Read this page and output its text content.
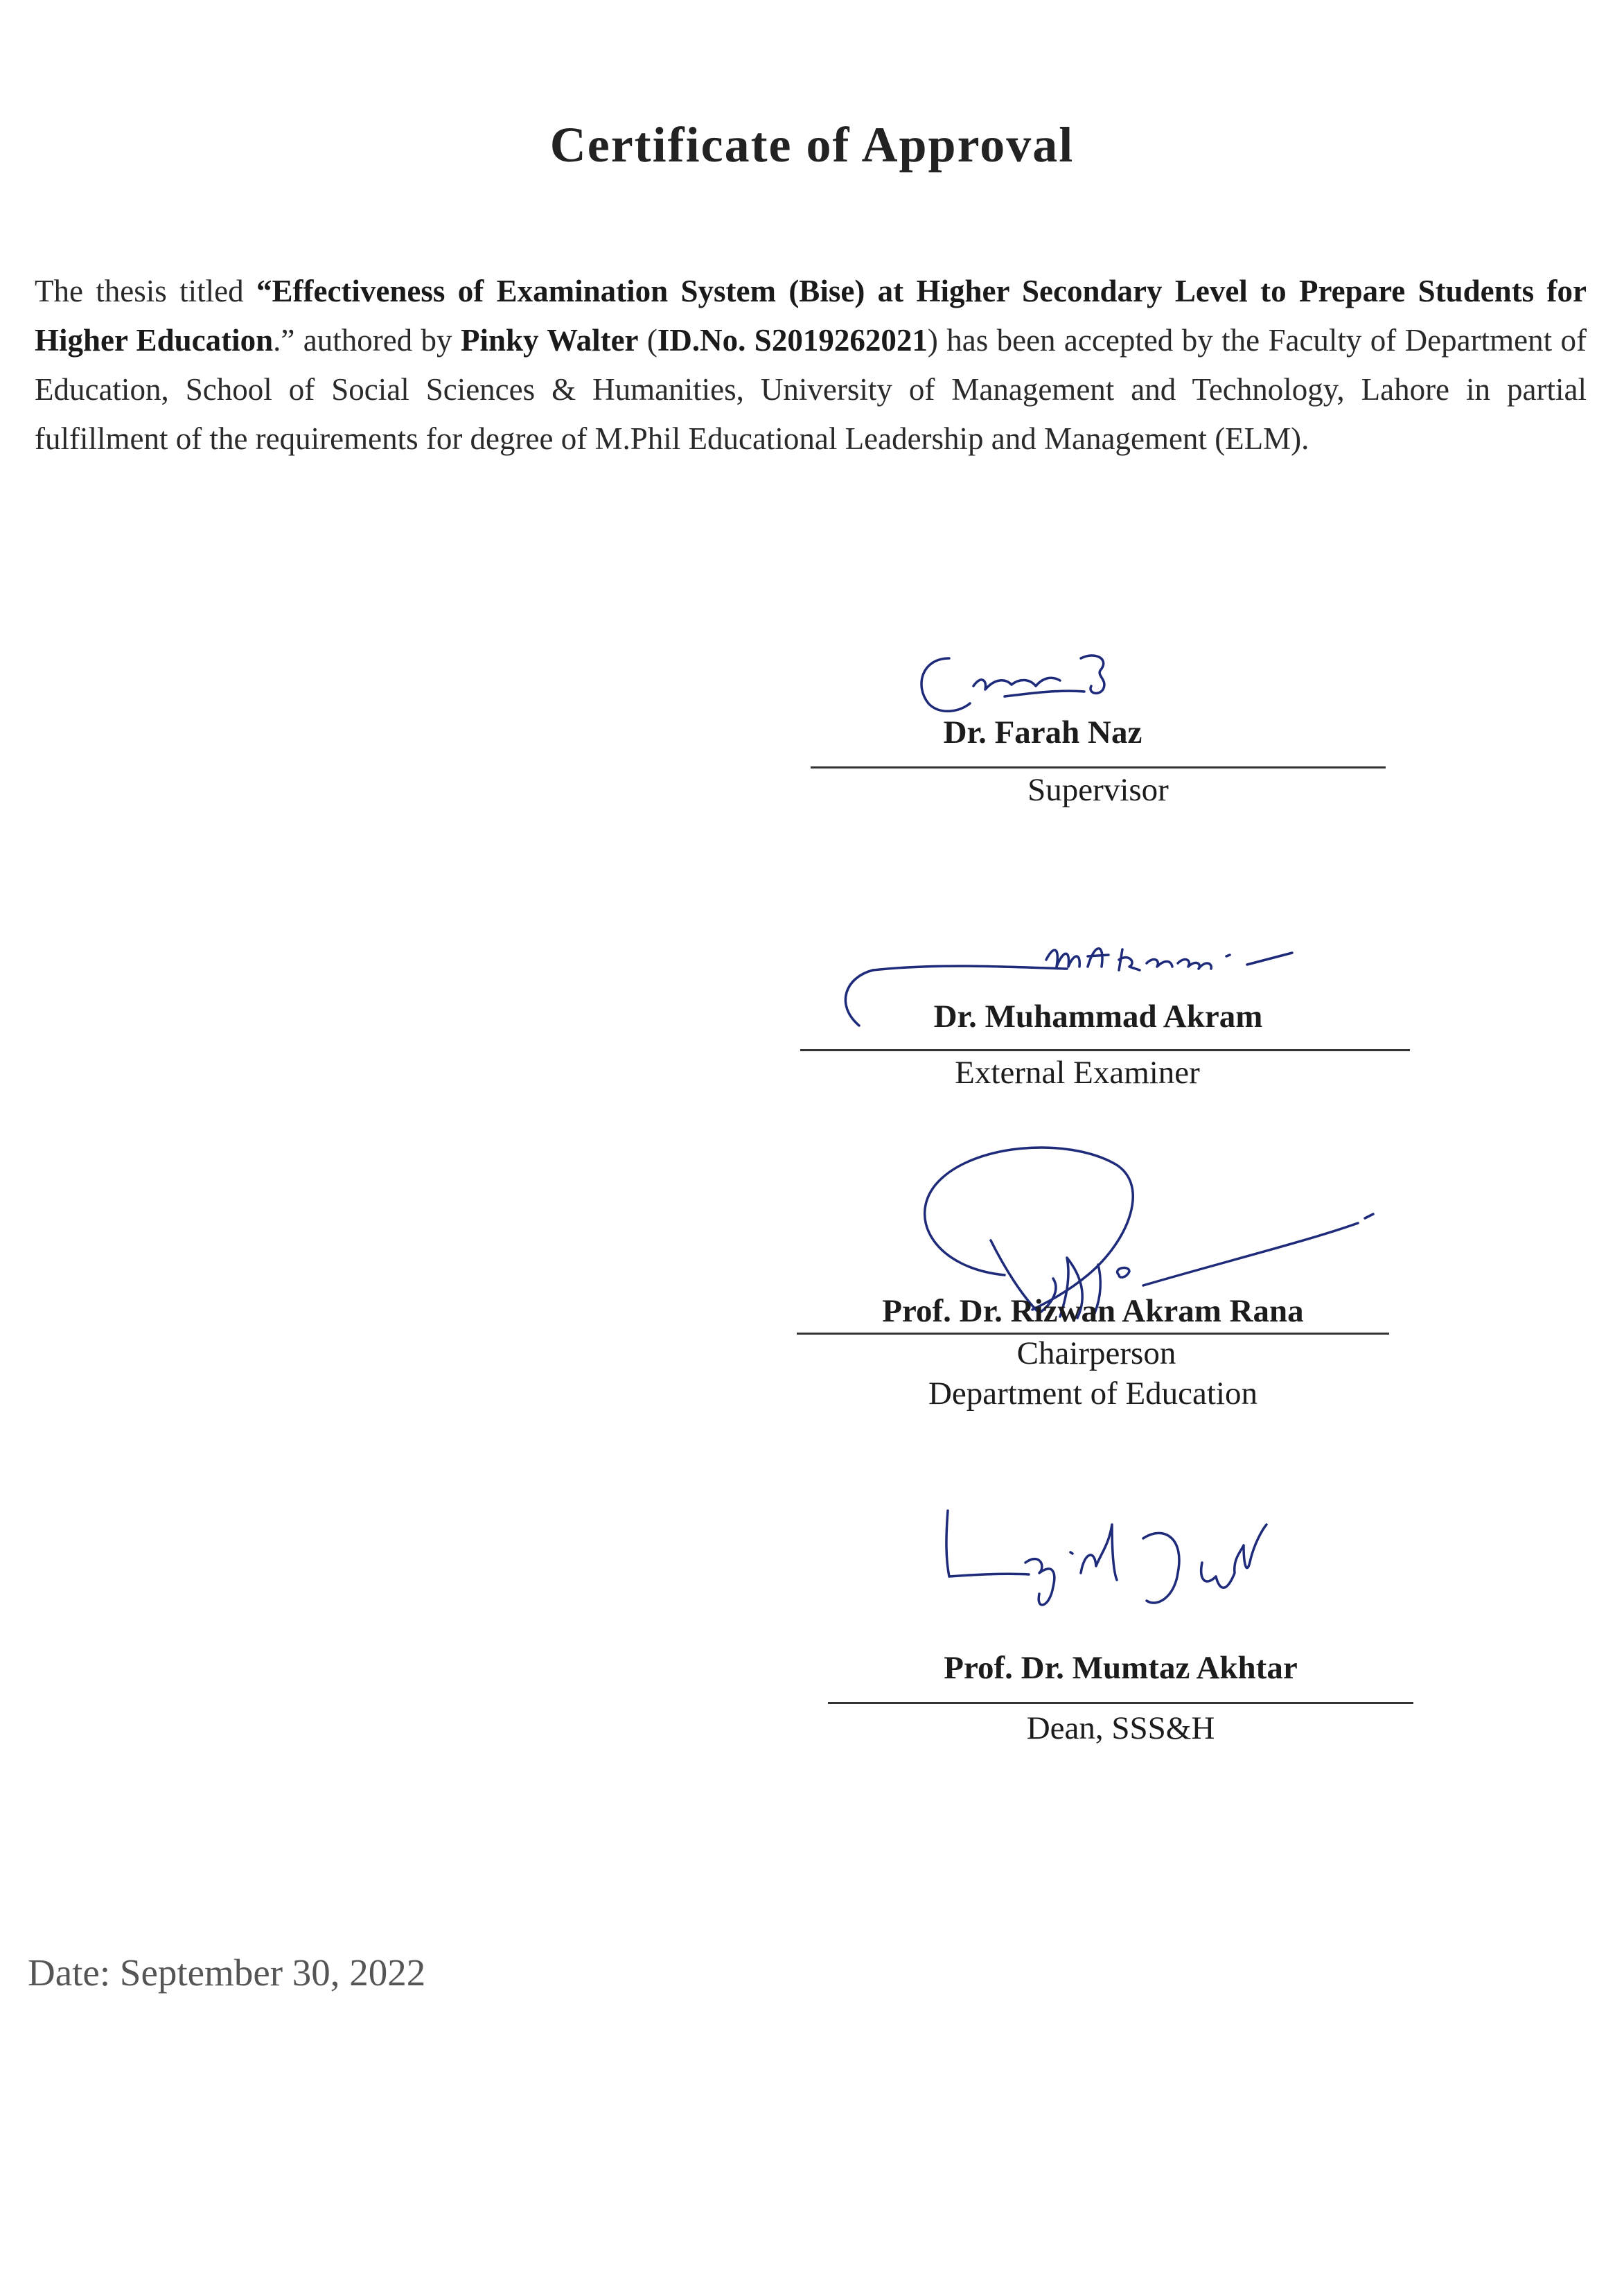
Certificate of Approval
The thesis titled “Effectiveness of Examination System (Bise) at Higher Secondary Level to Prepare Students for Higher Education.” authored by Pinky Walter (ID.No. S2019262021) has been accepted by the Faculty of Department of Education, School of Social Sciences & Humanities, University of Management and Technology, Lahore in partial fulfillment of the requirements for degree of M.Phil Educational Leadership and Management (ELM).
Dr. Farah Naz
Supervisor
Dr. Muhammad Akram
External Examiner
Prof. Dr. Rizwan Akram Rana
Chairperson
Department of Education
Prof. Dr. Mumtaz Akhtar
Dean, SSS&H
Date: September 30, 2022
